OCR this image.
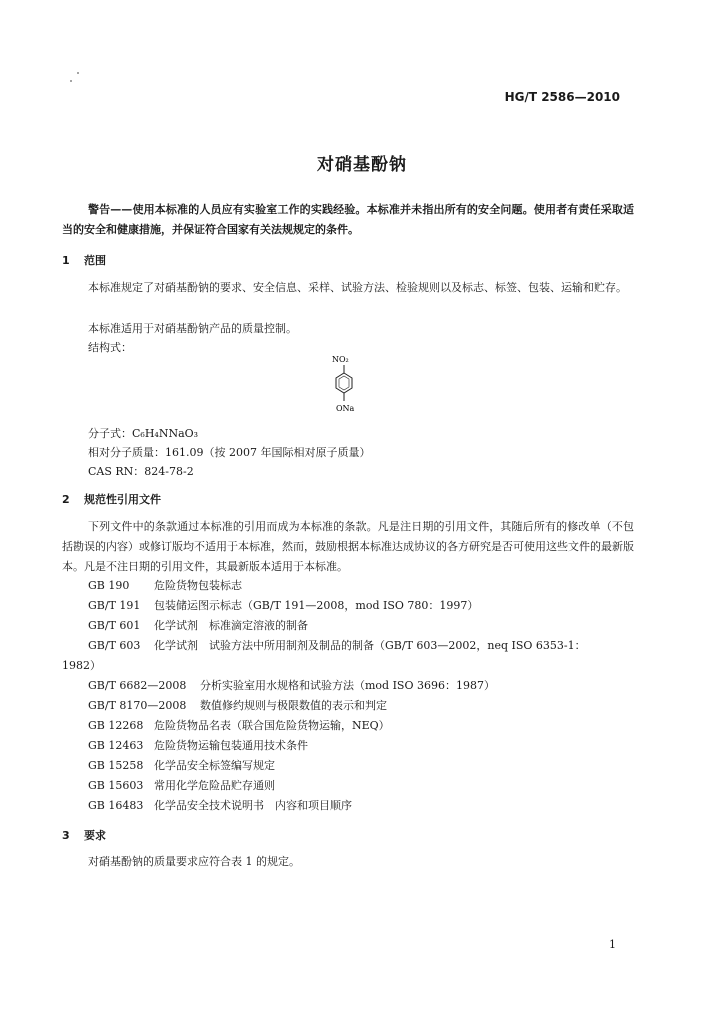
HG/T 2586—2010
对硝基酚钠
警告——使用本标准的人员应有实验室工作的实践经验。本标准并未指出所有的安全问题。使用者有责任采取适当的安全和健康措施，并保证符合国家有关法规规定的条件。
1 范围
本标准规定了对硝基酚钠的要求、安全信息、采样、试验方法、检验规则以及标志、标签、包装、运输和贮存。
本标准适用于对硝基酚钠产品的质量控制。
结构式：
NO₂
ONa
分子式：C₆H₄NNaO₃
相对分子质量：161.09（按 2007 年国际相对原子质量）
CAS RN：824-78-2
2 规范性引用文件
下列文件中的条款通过本标准的引用而成为本标准的条款。凡是注日期的引用文件，其随后所有的修改单（不包括勘误的内容）或修订版均不适用于本标准，然而，鼓励根据本标准达成协议的各方研究是否可使用这些文件的最新版本。凡是不注日期的引用文件，其最新版本适用于本标准。
GB 190 危险货物包装标志
GB/T 191 包装储运图示标志（GB/T 191—2008，mod ISO 780：1997）
GB/T 601 化学试剂　标准滴定溶液的制备
GB/T 603 化学试剂　试验方法中所用制剂及制品的制备（GB/T 603—2002，neq ISO 6353-1：
1982）
GB/T 6682—2008 分析实验室用水规格和试验方法（mod ISO 3696：1987）
GB/T 8170—2008 数值修约规则与极限数值的表示和判定
GB 12268 危险货物品名表（联合国危险货物运输，NEQ）
GB 12463 危险货物运输包装通用技术条件
GB 15258 化学品安全标签编写规定
GB 15603 常用化学危险品贮存通则
GB 16483 化学品安全技术说明书　内容和项目顺序
3 要求
对硝基酚钠的质量要求应符合表 1 的规定。
1
